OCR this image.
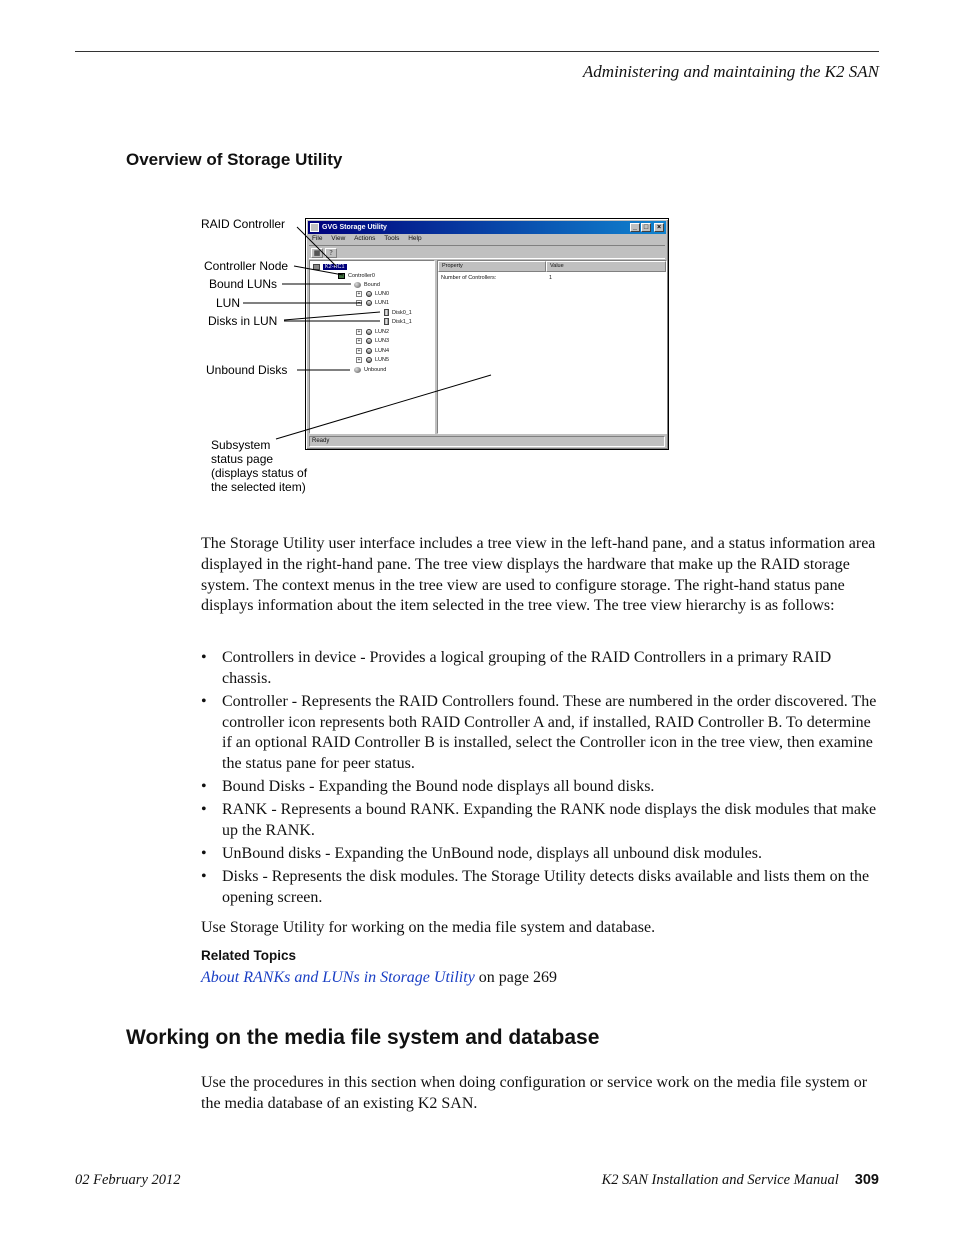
Administering and maintaining the K2 SAN
Overview of Storage Utility
RAID Controller
Controller Node
Bound LUNs
LUN
Disks in LUN
Unbound Disks
Subsystem
status page
(displays status of
the selected item)
GVG Storage Utility	_ □	×
File View Actions Tools Help
▦	?
K2-RC1
Controller0
Bound
+	LUN0
−	LUN1
Disk0_1
Disk1_1
+	LUN2
+	LUN3
+	LUN4
+	LUN5
Unbound
Property	Value
Number of Controllers:	1
Ready
The Storage Utility user interface includes a tree view in the left-hand pane, and a status information area displayed in the right-hand pane. The tree view displays the hardware that make up the RAID storage system. The context menus in the tree view are used to configure storage. The right-hand status pane displays information about the item selected in the tree view. The tree view hierarchy is as follows:
• Controllers in device - Provides a logical grouping of the RAID Controllers in a primary RAID chassis.
• Controller - Represents the RAID Controllers found. These are numbered in the order discovered. The controller icon represents both RAID Controller A and, if installed, RAID Controller B. To determine if an optional RAID Controller B is installed, select the Controller icon in the tree view, then examine the status pane for peer status.
• Bound Disks - Expanding the Bound node displays all bound disks.
• RANK - Represents a bound RANK. Expanding the RANK node displays the disk modules that make up the RANK.
• UnBound disks - Expanding the UnBound node, displays all unbound disk modules.
• Disks - Represents the disk modules. The Storage Utility detects disks available and lists them on the opening screen.
Use Storage Utility for working on the media file system and database.
Related Topics
About RANKs and LUNs in Storage Utility on page 269
Working on the media file system and database
Use the procedures in this section when doing configuration or service work on the media file system or the media database of an existing K2 SAN.
02 February 2012	K2 SAN Installation and Service Manual 309
